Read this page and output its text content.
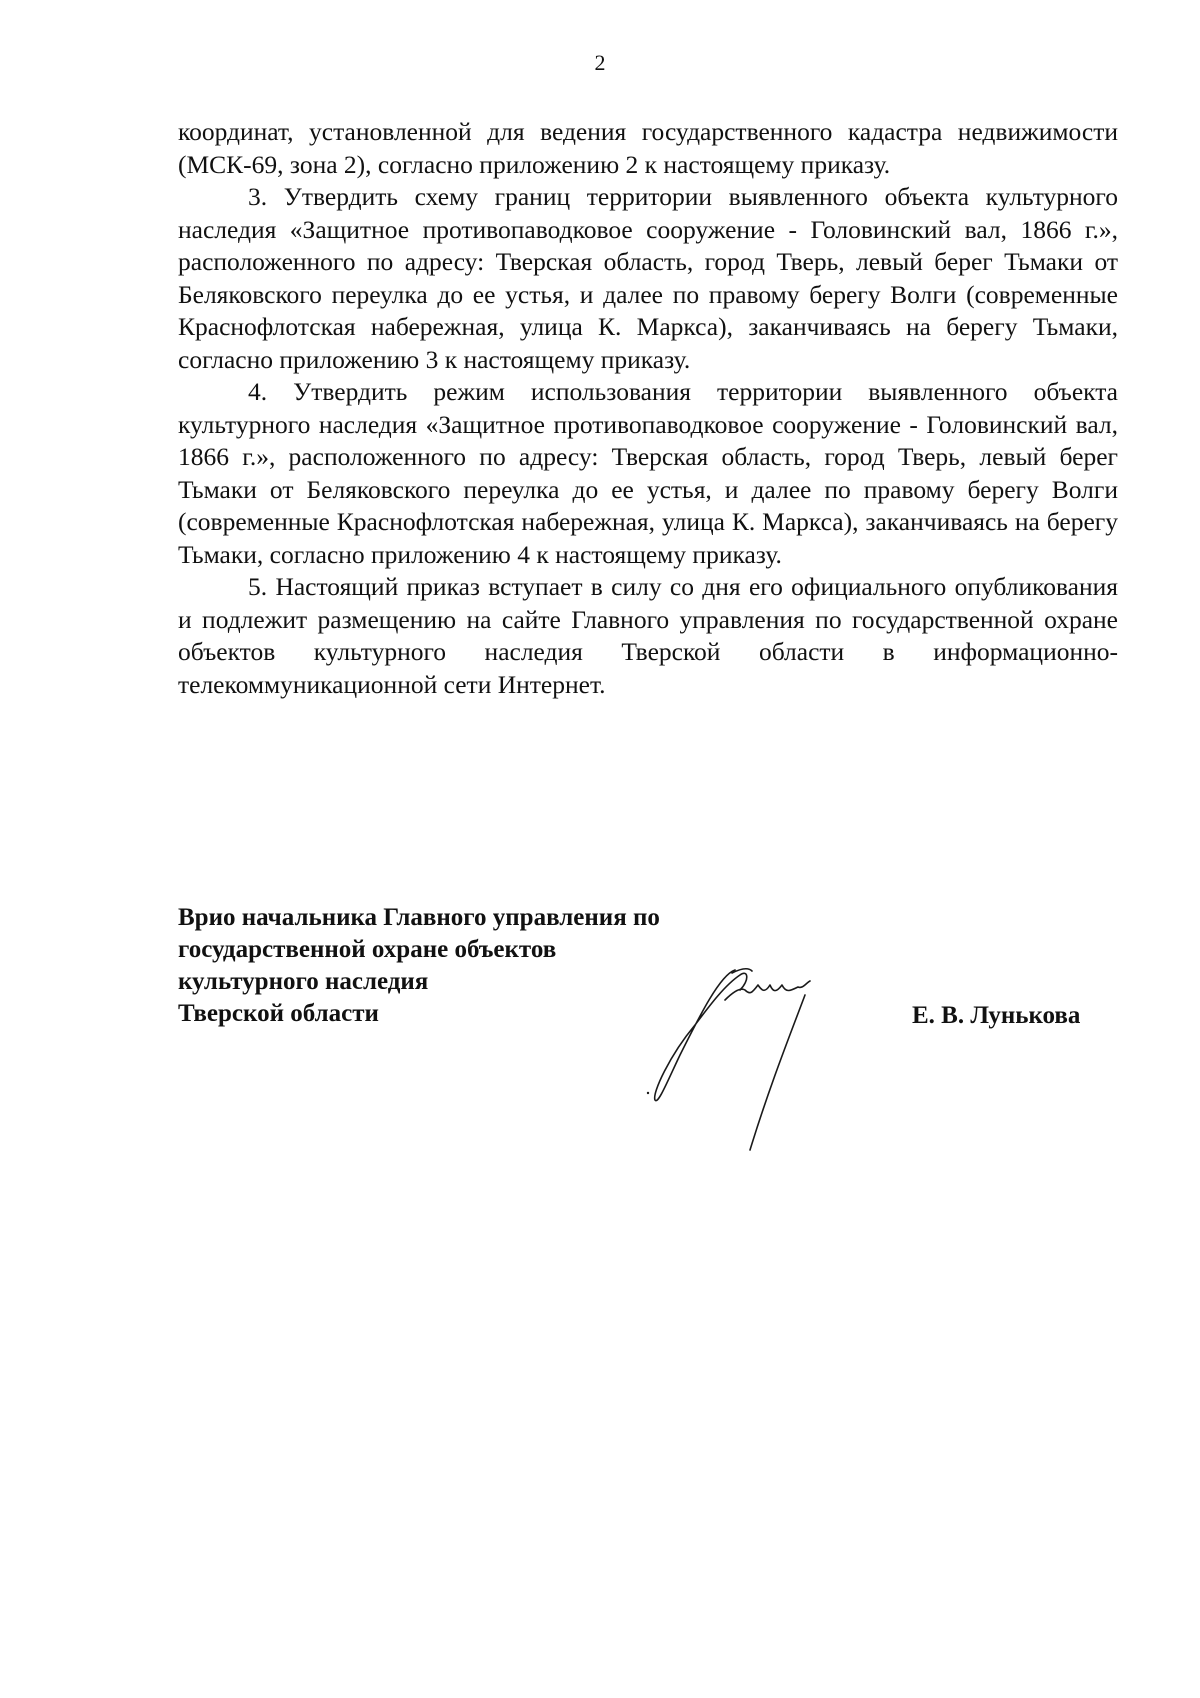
2

координат, установленной для ведения государственного кадастра недвижимости (МСК-69, зона 2), согласно приложению 2 к настоящему приказу.

3. Утвердить схему границ территории выявленного объекта культурного наследия «Защитное противопаводковое сооружение - Головинский вал, 1866 г.», расположенного по адресу: Тверская область, город Тверь, левый берег Тьмаки от Беляковского переулка до ее устья, и далее по правому берегу Волги (современные Краснофлотская набережная, улица К. Маркса), заканчиваясь на берегу Тьмаки, согласно приложению 3 к настоящему приказу.

4. Утвердить режим использования территории выявленного объекта культурного наследия «Защитное противопаводковое сооружение - Головинский вал, 1866 г.», расположенного по адресу: Тверская область, город Тверь, левый берег Тьмаки от Беляковского переулка до ее устья, и далее по правому берегу Волги (современные Краснофлотская набережная, улица К. Маркса), заканчиваясь на берегу Тьмаки, согласно приложению 4 к настоящему приказу.

5. Настоящий приказ вступает в силу со дня его официального опубликования и подлежит размещению на сайте Главного управления по государственной охране объектов культурного наследия Тверской области в информационно-телекоммуникационной сети Интернет.

Врио начальника Главного управления по
государственной охране объектов
культурного наследия
Тверской области	Е. В. Лунькова
